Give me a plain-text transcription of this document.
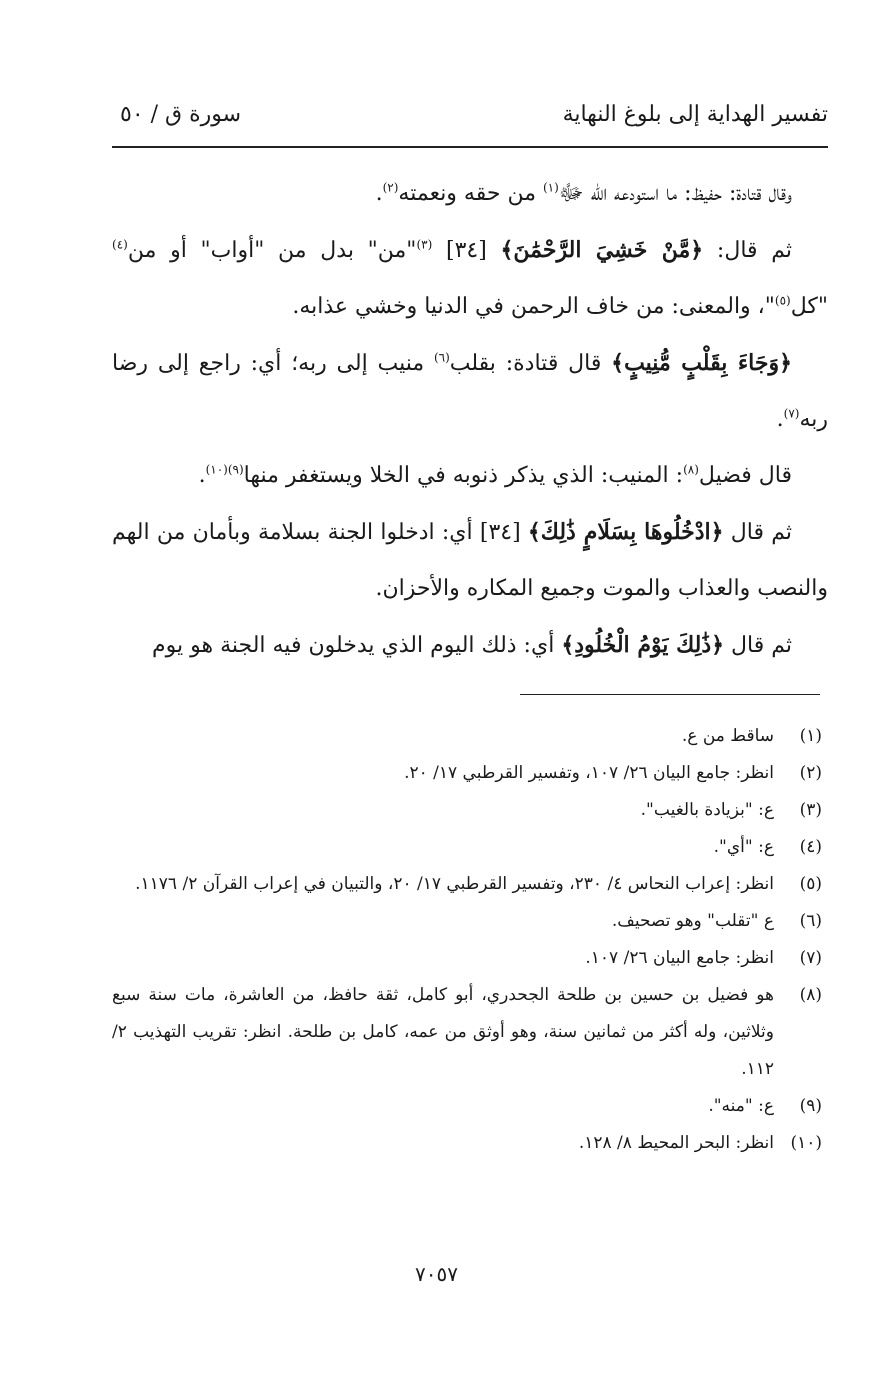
تفسير الهداية إلى بلوغ النهاية
سورة ق / ٥٠

وقال قتادة: حفيظ: ما استودعه الله ﷻ$^{(١)}$ من حقه ونعمته$^{(٢)}$.

ثم قال: ﴿مَّنْ خَشِيَ الرَّحْمَٰنَ﴾ [٣٤] $^{(٣)}$"من" بدل من "أواب" أو من$^{(٤)}$ "كل$^{(٥)}$"، والمعنى: من خاف الرحمن في الدنيا وخشي عذابه.

﴿وَجَاءَ بِقَلْبٍ مُّنِيبٍ﴾ قال قتادة: بقلب$^{(٦)}$ منيب إلى ربه؛ أي: راجع إلى رضا ربه$^{(٧)}$.

قال فضيل$^{(٨)}$: المنيب: الذي يذكر ذنوبه في الخلا ويستغفر منها$^{(٩)(١٠)}$.

ثم قال ﴿ادْخُلُوهَا بِسَلَامٍ ذَٰلِكَ﴾ [٣٤] أي: ادخلوا الجنة بسلامة وبأمان من الهم والنصب والعذاب والموت وجميع المكاره والأحزان.

ثم قال ﴿ذَٰلِكَ يَوْمُ الْخُلُودِ﴾ أي: ذلك اليوم الذي يدخلون فيه الجنة هو يوم

(١)
ساقط من ع.
(٢)
انظر: جامع البيان ٢٦/ ١٠٧، وتفسير القرطبي ١٧/ ٢٠.
(٣)
ع: "بزيادة بالغيب".
(٤)
ع: "أي".
(٥)
انظر: إعراب النحاس ٤/ ٢٣٠، وتفسير القرطبي ١٧/ ٢٠، والتبيان في إعراب القرآن ٢/ ١١٧٦.
(٦)
ع "تقلب" وهو تصحيف.
(٧)
انظر: جامع البيان ٢٦/ ١٠٧.
(٨)
هو فضيل بن حسين بن طلحة الجحدري، أبو كامل، ثقة حافظ، من العاشرة، مات سنة سبع وثلاثين، وله أكثر من ثمانين سنة، وهو أوثق من عمه، كامل بن طلحة. انظر: تقريب التهذيب ٢/ ١١٢.
(٩)
ع: "منه".
(١٠)
انظر: البحر المحيط ٨/ ١٢٨.
٧٠٥٧
